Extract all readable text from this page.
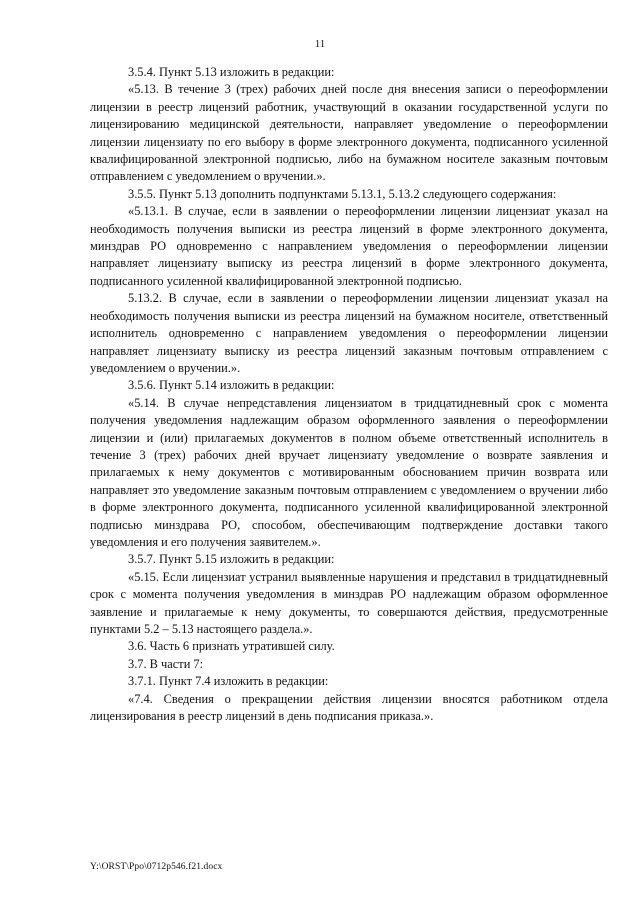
11

3.5.4. Пункт 5.13 изложить в редакции:

«5.13. В течение 3 (трех) рабочих дней после дня внесения записи о переоформлении лицензии в реестр лицензий работник, участвующий в оказании государственной услуги по лицензированию медицинской деятельности, направляет уведомление о переоформлении лицензии лицензиату по его выбору в форме электронного документа, подписанного усиленной квалифицированной электронной подписью, либо на бумажном носителе заказным почтовым отправлением с уведомлением о вручении.».

3.5.5. Пункт 5.13 дополнить подпунктами 5.13.1, 5.13.2 следующего содержания:

«5.13.1. В случае, если в заявлении о переоформлении лицензии лицензиат указал на необходимость получения выписки из реестра лицензий в форме электронного документа, минздрав РО одновременно с направлением уведомления о переоформлении лицензии направляет лицензиату выписку из реестра лицензий в форме электронного документа, подписанного усиленной квалифицированной электронной подписью.

5.13.2. В случае, если в заявлении о переоформлении лицензии лицензиат указал на необходимость получения выписки из реестра лицензий на бумажном носителе, ответственный исполнитель одновременно с направлением уведомления о переоформлении лицензии направляет лицензиату выписку из реестра лицензий заказным почтовым отправлением с уведомлением о вручении.».

3.5.6. Пункт 5.14 изложить в редакции:

«5.14. В случае непредставления лицензиатом в тридцатидневный срок с момента получения уведомления надлежащим образом оформленного заявления о переоформлении лицензии и (или) прилагаемых документов в полном объеме ответственный исполнитель в течение 3 (трех) рабочих дней вручает лицензиату уведомление о возврате заявления и прилагаемых к нему документов с мотивированным обоснованием причин возврата или направляет это уведомление заказным почтовым отправлением с уведомлением о вручении либо в форме электронного документа, подписанного усиленной квалифицированной электронной подписью минздрава РО, способом, обеспечивающим подтверждение доставки такого уведомления и его получения заявителем.».

3.5.7. Пункт 5.15 изложить в редакции:

«5.15. Если лицензиат устранил выявленные нарушения и представил в тридцатидневный срок с момента получения уведомления в минздрав РО надлежащим образом оформленное заявление и прилагаемые к нему документы, то совершаются действия, предусмотренные пунктами 5.2 – 5.13 настоящего раздела.».

3.6. Часть 6 признать утратившей силу.

3.7. В части 7:

3.7.1. Пункт 7.4 изложить в редакции:

«7.4. Сведения о прекращении действия лицензии вносятся работником отдела лицензирования в реестр лицензий в день подписания приказа.».

Y:\ORST\Ppo\0712p546.f21.docx
